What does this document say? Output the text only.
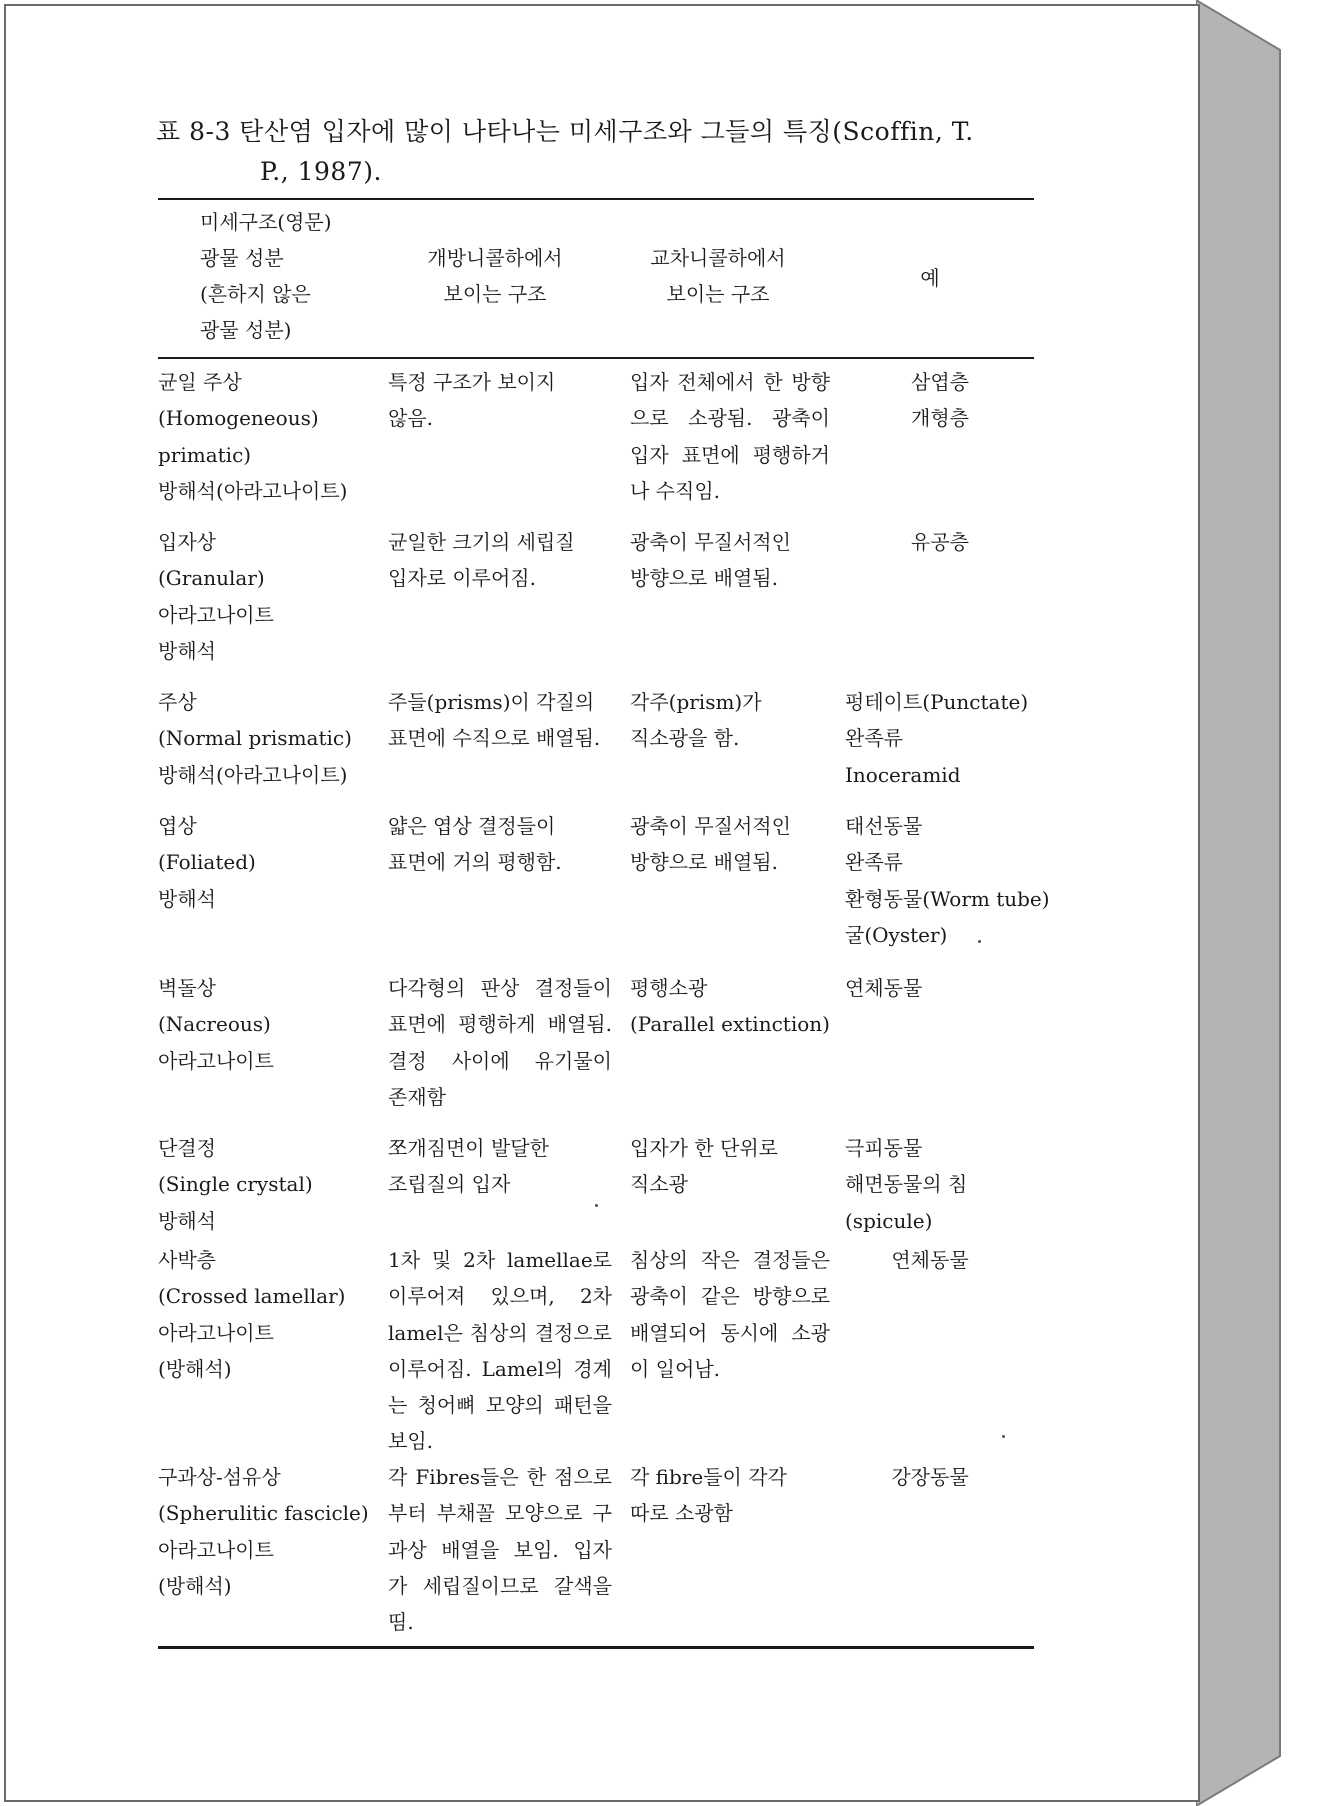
표 8-3 탄산염 입자에 많이 나타나는 미세구조와 그들의 특징(Scoffin, T.
P., 1987).
미세구조(영문)
광물 성분
(흔하지 않은
광물 성분)
개방니콜하에서
보이는 구조
교차니콜하에서
보이는 구조
예
균일 주상
(Homogeneous)
primatic)
방해석(아라고나이트)
특정 구조가 보이지
않음.
입자 전체에서 한 방향
으로 소광됨. 광축이
입자 표면에 평행하거
나 수직임.
삼엽층
개형층
입자상
(Granular)
아라고나이트
방해석
균일한 크기의 세립질
입자로 이루어짐.
광축이 무질서적인
방향으로 배열됨.
유공층
주상
(Normal prismatic)
방해석(아라고나이트)
주들(prisms)이 각질의
표면에 수직으로 배열됨.
각주(prism)가
직소광을 함.
펑테이트(Punctate)
완족류
Inoceramid
엽상
(Foliated)
방해석
얇은 엽상 결정들이
표면에 거의 평행함.
광축이 무질서적인
방향으로 배열됨.
태선동물
완족류
환형동물(Worm tube)
굴(Oyster)
벽돌상
(Nacreous)
아라고나이트
다각형의 판상 결정들이
표면에 평행하게 배열됨.
결정 사이에 유기물이
존재함
평행소광
(Parallel extinction)
연체동물
단결정
(Single crystal)
방해석
쪼개짐면이 발달한
조립질의 입자
입자가 한 단위로
직소광
극피동물
해면동물의 침
(spicule)
사박층
(Crossed lamellar)
아라고나이트
(방해석)
1차 및 2차 lamellae로
이루어져 있으며, 2차
lamel은 침상의 결정으로
이루어짐. Lamel의 경계
는 청어뼈 모양의 패턴을
보임.
침상의 작은 결정들은
광축이 같은 방향으로
배열되어 동시에 소광
이 일어남.
연체동물
구과상-섬유상
(Spherulitic fascicle)
아라고나이트
(방해석)
각 Fibres들은 한 점으로
부터 부채꼴 모양으로 구
과상 배열을 보임. 입자
가 세립질이므로 갈색을
띰.
각 fibre들이 각각
따로 소광함
강장동물
